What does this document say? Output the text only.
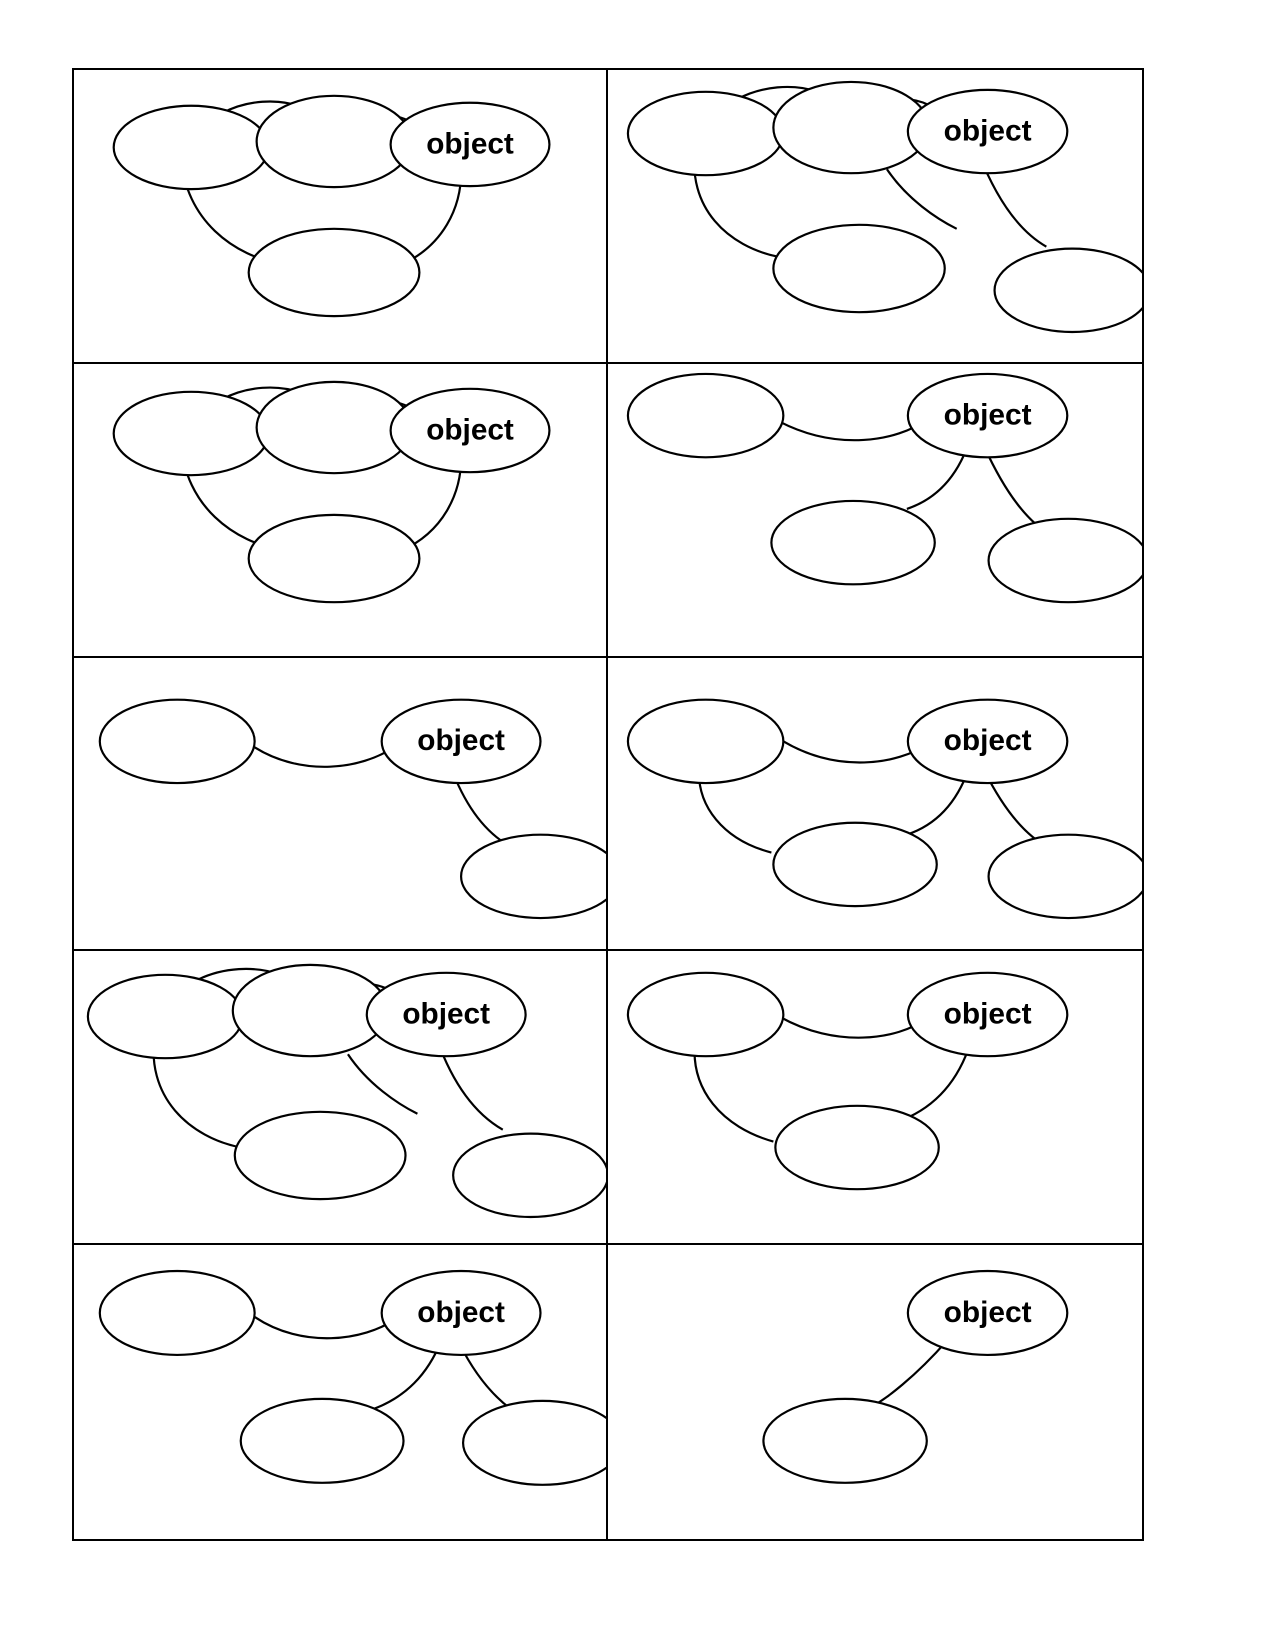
object	object
object	object
object	object
object	object
object	object
